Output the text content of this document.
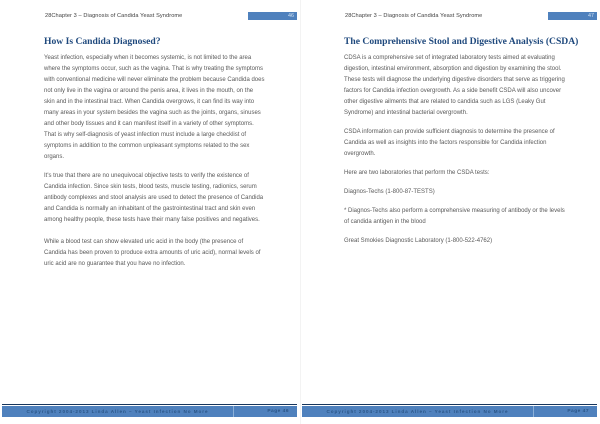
28Chapter 3 – Diagnosis of Candida Yeast Syndrome	46
How Is Candida Diagnosed?

Yeast infection, especially when it becomes systemic, is not limited to the area where the symptoms occur, such as the vagina. That is why treating the symptoms with conventional medicine will never eliminate the problem because Candida does not only live in the vagina or around the penis area, it lives in the mouth, on the skin and in the intestinal tract. When Candida overgrows, it can find its way into many areas in your system besides the vagina such as the joints, organs, sinuses and other body tissues and it can manifest itself in a variety of other symptoms. That is why self-diagnosis of yeast infection must include a large checklist of symptoms in addition to the common unpleasant symptoms related to the sex organs.

It's true that there are no unequivocal objective tests to verify the existence of Candida infection. Since skin tests, blood tests, muscle testing, radionics, serum antibody complexes and stool analysis are used to detect the presence of Candida and Candida is normally an inhabitant of the gastrointestinal tract and skin even among healthy people, these tests have their many false positives and negatives.

While a blood test can show elevated uric acid in the body (the presence of Candida has been proven to produce extra amounts of uric acid), normal levels of uric acid are no guarantee that you have no infection.

Copyright 2004-2013 Linda Allen – Yeast Infection No More	Page 46
28Chapter 3 – Diagnosis of Candida Yeast Syndrome	47
The Comprehensive Stool and Digestive Analysis (CSDA)

CDSA is a comprehensive set of integrated laboratory tests aimed at evaluating digestion, intestinal environment, absorption and digestion by examining the stool. These tests will diagnose the underlying digestive disorders that serve as triggering factors for Candida infection overgrowth. As a side benefit CSDA will also uncover other digestive ailments that are related to candida such as LGS (Leaky Gut Syndrome) and intestinal bacterial overgrowth.

CSDA information can provide sufficient diagnosis to determine the presence of Candida as well as insights into the factors responsible for Candida infection overgrowth.

Here are two laboratories that perform the CSDA tests:

Diagnos-Techs (1-800-87-TESTS)

* Diagnos-Techs also perform a comprehensive measuring of antibody or the levels of candida antigen in the blood

Great Smokies Diagnostic Laboratory (1-800-522-4762)

Copyright 2004-2013 Linda Allen – Yeast Infection No More	Page 47
